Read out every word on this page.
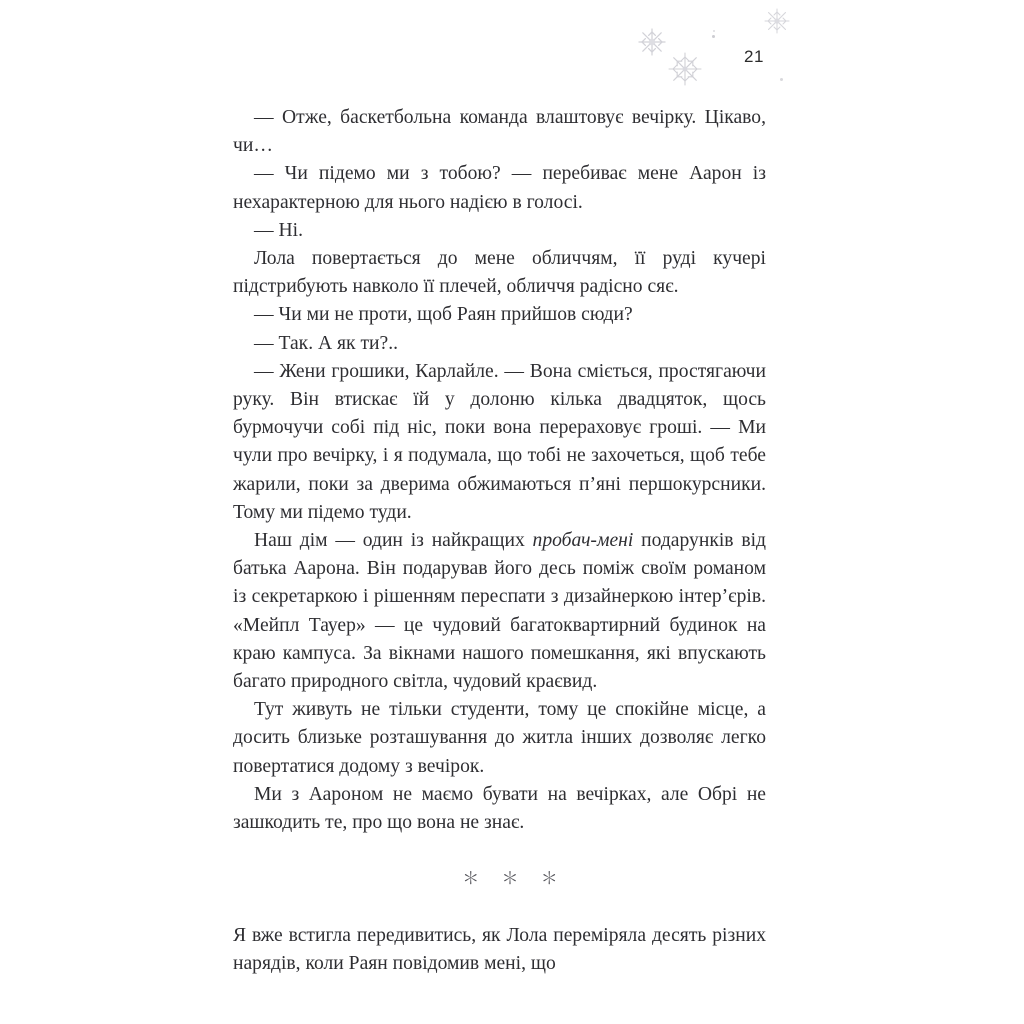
21

— Отже, баскетбольна команда влаштовує вечірку. Цікаво, чи…

— Чи підемо ми з тобою? — перебиває мене Аарон із нехарактерною для нього надією в голосі.

— Ні.

Лола повертається до мене обличчям, її руді кучері підстрибують навколо її плечей, обличчя радісно сяє.

— Чи ми не проти, щоб Раян прийшов сюди?

— Так. А як ти?..

— Жени грошики, Карлайле. — Вона сміється, простягаючи руку. Він втискає їй у долоню кілька двадцяток, щось бурмочучи собі під ніс, поки вона перераховує гроші. — Ми чули про вечірку, і я подумала, що тобі не захочеться, щоб тебе жарили, поки за дверима обжимаються п’яні першокурсники. Тому ми підемо туди.

Наш дім — один із найкращих пробач-мені подарунків від батька Аарона. Він подарував його десь поміж своїм романом із секретаркою і рішенням переспати з дизайнеркою інтер’єрів. «Мейпл Тауер» — це чудовий багатоквартирний будинок на краю кампуса. За вікнами нашого помешкання, які впускають багато природного світла, чудовий краєвид.

Тут живуть не тільки студенти, тому це спокійне місце, а досить близьке розташування до житла інших дозволяє легко повертатися додому з вечірок.

Ми з Аароном не маємо бувати на вечірках, але Обрі не зашкодить те, про що вона не знає.

＊ ＊ ＊

Я вже встигла передивитись, як Лола переміряла десять різних нарядів, коли Раян повідомив мені, що
